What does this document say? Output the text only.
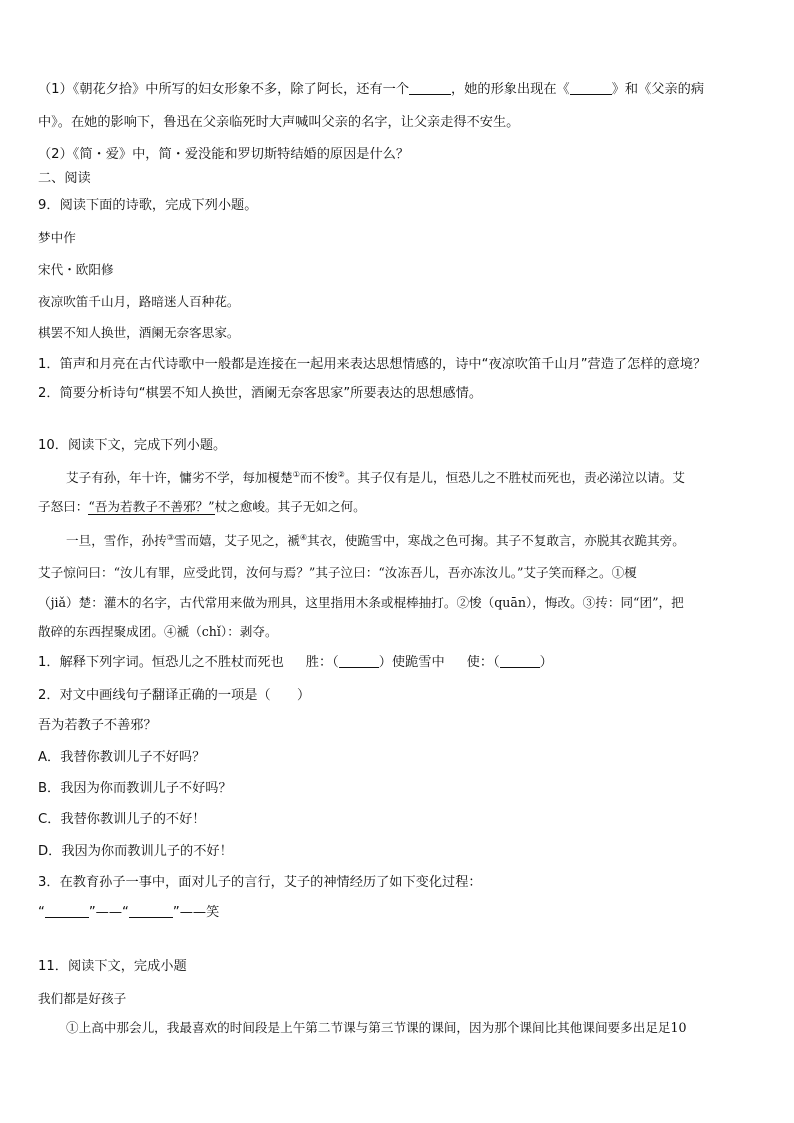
（1）《朝花夕拾》中所写的妇女形象不多，除了阿长，还有一个	，她的形象出现在《	》和《父亲的病
中》。在她的影响下，鲁迅在父亲临死时大声喊叫父亲的名字，让父亲走得不安生。
（2）《简・爱》中，简・爱没能和罗切斯特结婚的原因是什么？
二、阅读
9．阅读下面的诗歌，完成下列小题。
梦中作
宋代・欧阳修
夜凉吹笛千山月，路暗迷人百种花。
棋罢不知人换世，酒阑无奈客思家。
1．笛声和月亮在古代诗歌中一般都是连接在一起用来表达思想情感的，诗中“夜凉吹笛千山月”营造了怎样的意境？
2．简要分析诗句“棋罢不知人换世，酒阑无奈客思家”所要表达的思想感情。
10．阅读下文，完成下列小题。
艾子有孙，年十许，慵劣不学，每加榎楚①而不悛②。其子仅有是儿，恒恐儿之不胜杖而死也，责必涕泣以请。艾
子怒曰：“吾为若教子不善邪？”杖之愈峻。其子无如之何。
一旦，雪作，孙抟③雪而嬉，艾子见之，褫④其衣，使跪雪中，寒战之色可掬。其子不复敢言，亦脱其衣跪其旁。
艾子惊问曰：“汝儿有罪，应受此罚，汝何与焉？”其子泣曰：“汝冻吾儿，吾亦冻汝儿。”艾子笑而释之。①榎
（jiǎ）楚：灌木的名字，古代常用来做为刑具，这里指用木条或棍棒抽打。②悛（quān），悔改。③抟：同“团”，把
散碎的东西捏聚成团。④褫（chǐ）：剥夺。
1．解释下列字词。恒恐儿之不胜杖而死也 胜：（	）使跪雪中 使：（	）
2．对文中画线句子翻译正确的一项是（　　）
吾为若教子不善邪？
A．我替你教训儿子不好吗？
B．我因为你而教训儿子不好吗？
C．我替你教训儿子的不好！
D．我因为你而教训儿子的不好！
3．在教育孙子一事中，面对儿子的言行，艾子的神情经历了如下变化过程：
“	”——“	”——笑
11．阅读下文，完成小题
我们都是好孩子
①上高中那会儿，我最喜欢的时间段是上午第二节课与第三节课的课间，因为那个课间比其他课间要多出足足10
